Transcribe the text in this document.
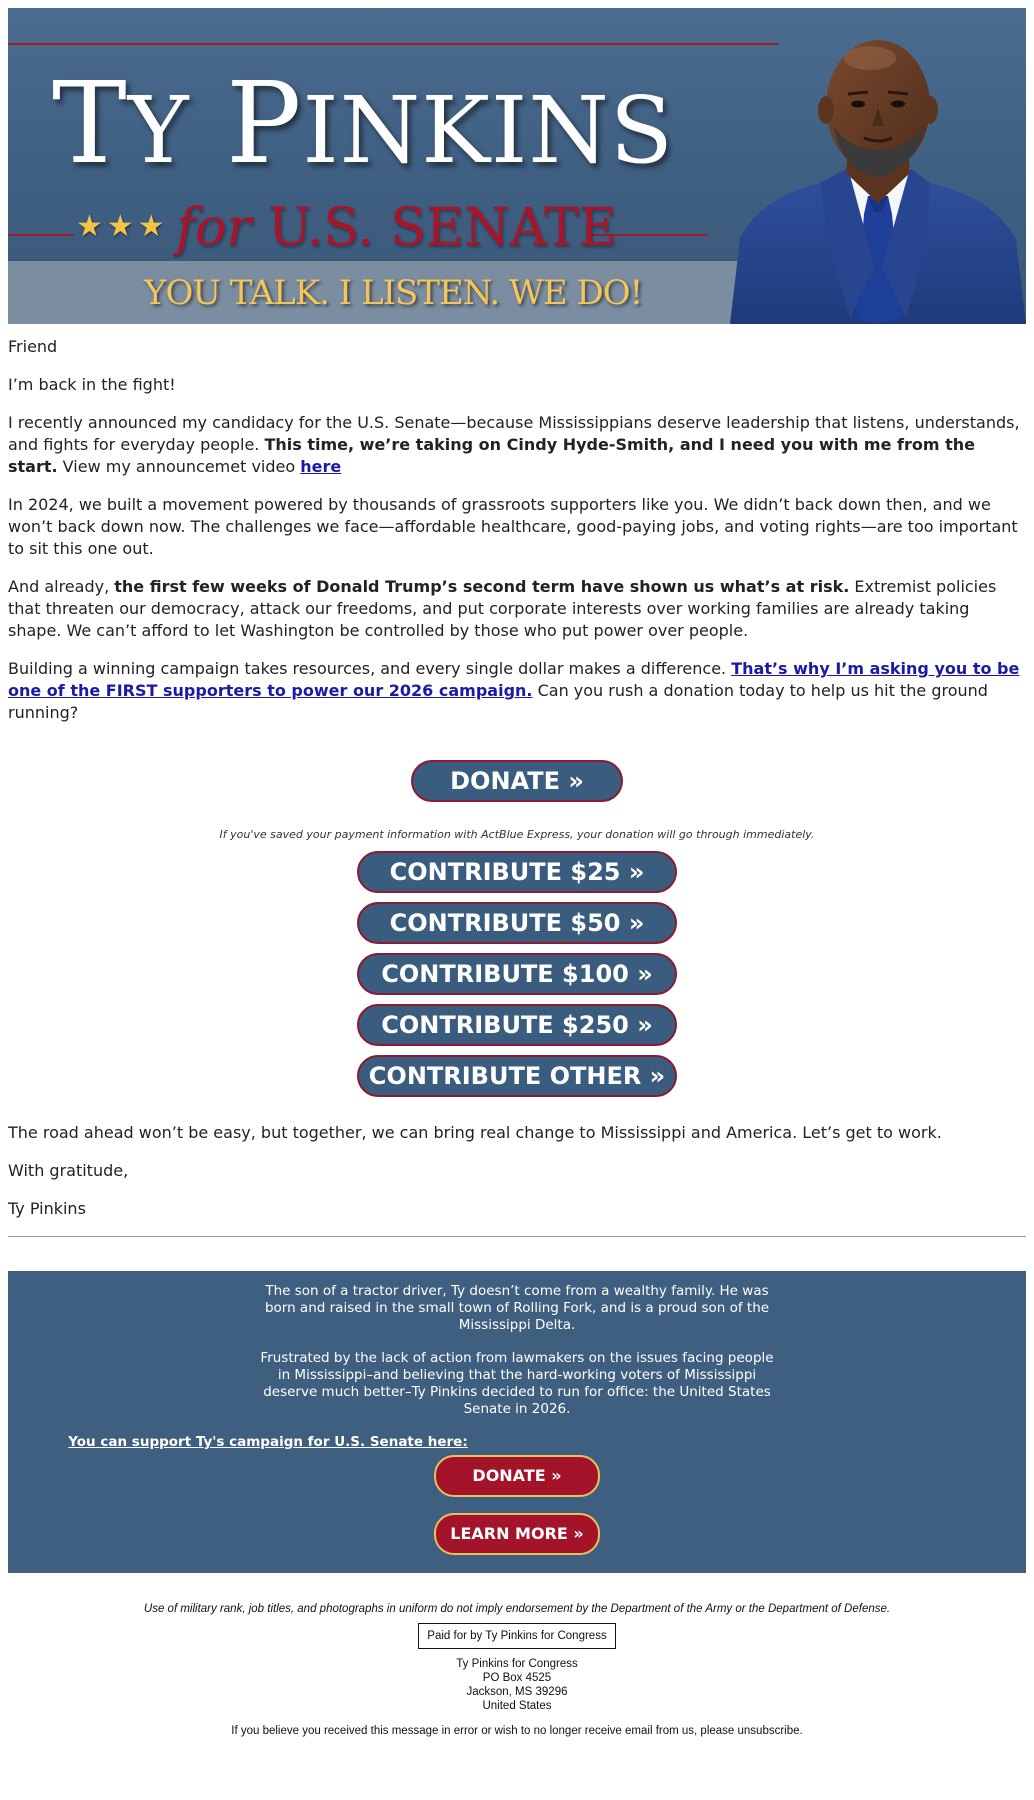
TY PINKINS
★★★ for U.S. SENATE
YOU TALK. I LISTEN. WE DO!

Friend

I’m back in the fight!

I recently announced my candidacy for the U.S. Senate—because Mississippians deserve leadership that listens, understands, and fights for everyday people. This time, we’re taking on Cindy Hyde-Smith, and I need you with me from the start. View my announcemet video here

In 2024, we built a movement powered by thousands of grassroots supporters like you. We didn’t back down then, and we won’t back down now. The challenges we face—affordable healthcare, good-paying jobs, and voting rights—are too important to sit this one out.

And already, the first few weeks of Donald Trump’s second term have shown us what’s at risk. Extremist policies that threaten our democracy, attack our freedoms, and put corporate interests over working families are already taking shape. We can’t afford to let Washington be controlled by those who put power over people.

Building a winning campaign takes resources, and every single dollar makes a difference. That’s why I’m asking you to be one of the FIRST supporters to power our 2026 campaign. Can you rush a donation today to help us hit the ground running?

DONATE »
If you've saved your payment information with ActBlue Express, your donation will go through immediately.
CONTRIBUTE $25 »
CONTRIBUTE $50 »
CONTRIBUTE $100 »
CONTRIBUTE $250 »
CONTRIBUTE OTHER »

The road ahead won’t be easy, but together, we can bring real change to Mississippi and America. Let’s get to work.

With gratitude,

Ty Pinkins

The son of a tractor driver, Ty doesn’t come from a wealthy family. He was born and raised in the small town of Rolling Fork, and is a proud son of the Mississippi Delta.

Frustrated by the lack of action from lawmakers on the issues facing people in Mississippi–and believing that the hard-working voters of Mississippi deserve much better–Ty Pinkins decided to run for office: the United States Senate in 2026.

You can support Ty's campaign for U.S. Senate here:

DONATE »
LEARN MORE »
Use of military rank, job titles, and photographs in uniform do not imply endorsement by the Department of the Army or the Department of Defense.
Paid for by Ty Pinkins for Congress
Ty Pinkins for Congress
PO Box 4525
Jackson, MS 39296
United States
If you believe you received this message in error or wish to no longer receive email from us, please unsubscribe.
